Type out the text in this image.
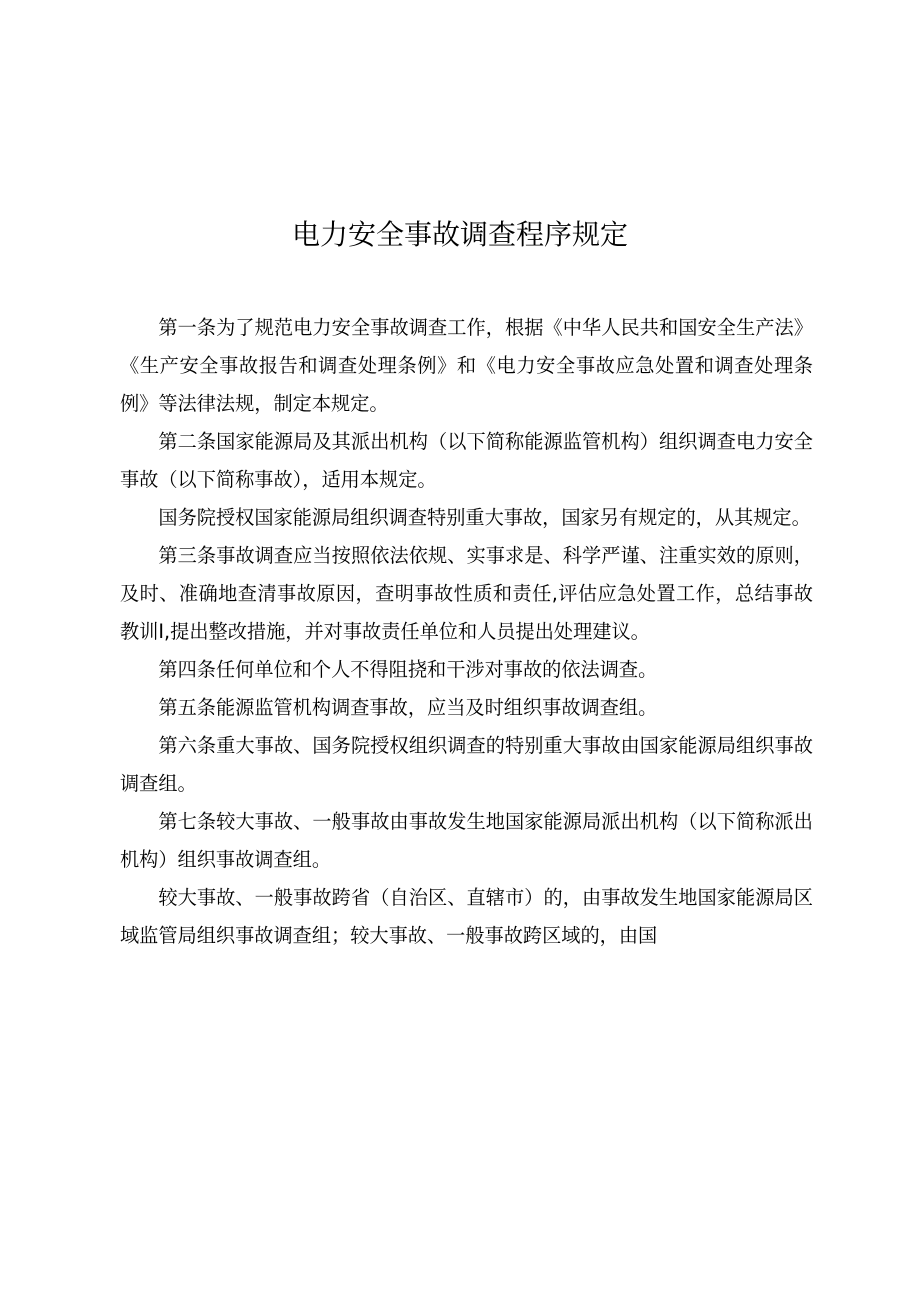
电力安全事故调查程序规定

第一条为了规范电力安全事故调查工作，根据《中华人民共和国安全生产法》《生产安全事故报告和调查处理条例》和《电力安全事故应急处置和调查处理条例》等法律法规，制定本规定。

第二条国家能源局及其派出机构（以下简称能源监管机构）组织调查电力安全事故（以下简称事故），适用本规定。

国务院授权国家能源局组织调查特别重大事故，国家另有规定的，从其规定。

第三条事故调查应当按照依法依规、实事求是、科学严谨、注重实效的原则，及时、准确地查清事故原因，查明事故性质和责任,评估应急处置工作，总结事故教训I,提出整改措施，并对事故责任单位和人员提出处理建议。

第四条任何单位和个人不得阻挠和干涉对事故的依法调查。

第五条能源监管机构调查事故，应当及时组织事故调查组。

第六条重大事故、国务院授权组织调查的特别重大事故由国家能源局组织事故调查组。

第七条较大事故、一般事故由事故发生地国家能源局派出机构（以下简称派出机构）组织事故调查组。

较大事故、一般事故跨省（自治区、直辖市）的，由事故发生地国家能源局区域监管局组织事故调查组；较大事故、一般事故跨区域的，由国
